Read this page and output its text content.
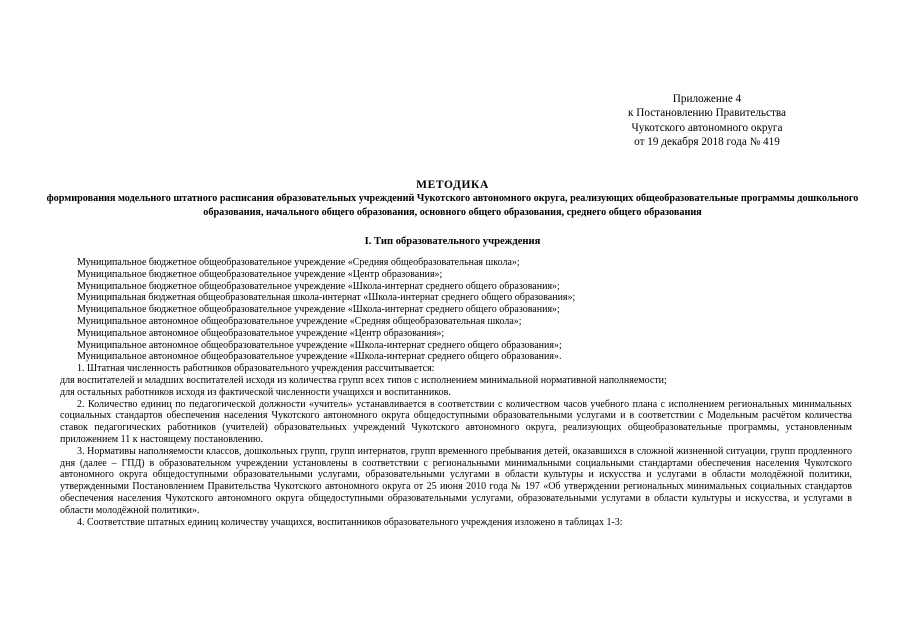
Приложение 4
к Постановлению Правительства
Чукотского автономного округа
от 19 декабря 2018 года № 419
МЕТОДИКА
формирования модельного штатного расписания образовательных учреждений Чукотского автономного округа, реализующих общеобразовательные программы дошкольного образования, начального общего образования, основного общего образования, среднего общего образования
I. Тип образовательного учреждения
Муниципальное бюджетное общеобразовательное учреждение «Средняя общеобразовательная школа»;
Муниципальное бюджетное общеобразовательное учреждение «Центр образования»;
Муниципальное бюджетное общеобразовательное учреждение «Школа-интернат среднего общего образования»;
Муниципальная бюджетная общеобразовательная школа-интернат «Школа-интернат среднего общего образования»;
Муниципальное бюджетное общеобразовательное учреждение «Школа-интернат среднего общего образования»;
Муниципальное автономное общеобразовательное учреждение «Средняя общеобразовательная школа»;
Муниципальное автономное общеобразовательное учреждение «Центр образования»;
Муниципальное автономное общеобразовательное учреждение «Школа-интернат среднего общего образования»;
Муниципальное автономное общеобразовательное учреждение «Школа-интернат среднего общего образования».
1. Штатная численность работников образовательного учреждения рассчитывается:
для воспитателей и младших воспитателей исходя из количества групп всех типов с исполнением минимальной нормативной наполняемости;
для остальных работников исходя из фактической численности учащихся и воспитанников.

2. Количество единиц по педагогической должности «учитель» устанавливается в соответствии с количеством часов учебного плана с исполнением региональных минимальных социальных стандартов обеспечения населения Чукотского автономного округа общедоступными образовательными услугами и в соответствии с Модельным расчётом количества ставок педагогических работников (учителей) образовательных учреждений Чукотского автономного округа, реализующих общеобразовательные программы, установленным приложением 11 к настоящему постановлению.

3. Нормативы наполняемости классов, дошкольных групп, групп интернатов, групп временного пребывания детей, оказавшихся в сложной жизненной ситуации, групп продленного дня (далее – ГПД) в образовательном учреждении установлены в соответствии с региональными минимальными социальными стандартами обеспечения населения Чукотского автономного округа общедоступными образовательными услугами, образовательными услугами в области культуры и искусства и услугами в области молодёжной политики, утвержденными Постановлением Правительства Чукотского автономного округа от 25 июня 2010 года № 197 «Об утверждении региональных минимальных социальных стандартов обеспечения населения Чукотского автономного округа общедоступными образовательными услугами, образовательными услугами в области культуры и искусства, и услугами в области молодёжной политики».

4. Соответствие штатных единиц количеству учащихся, воспитанников образовательного учреждения изложено в таблицах 1-3:
